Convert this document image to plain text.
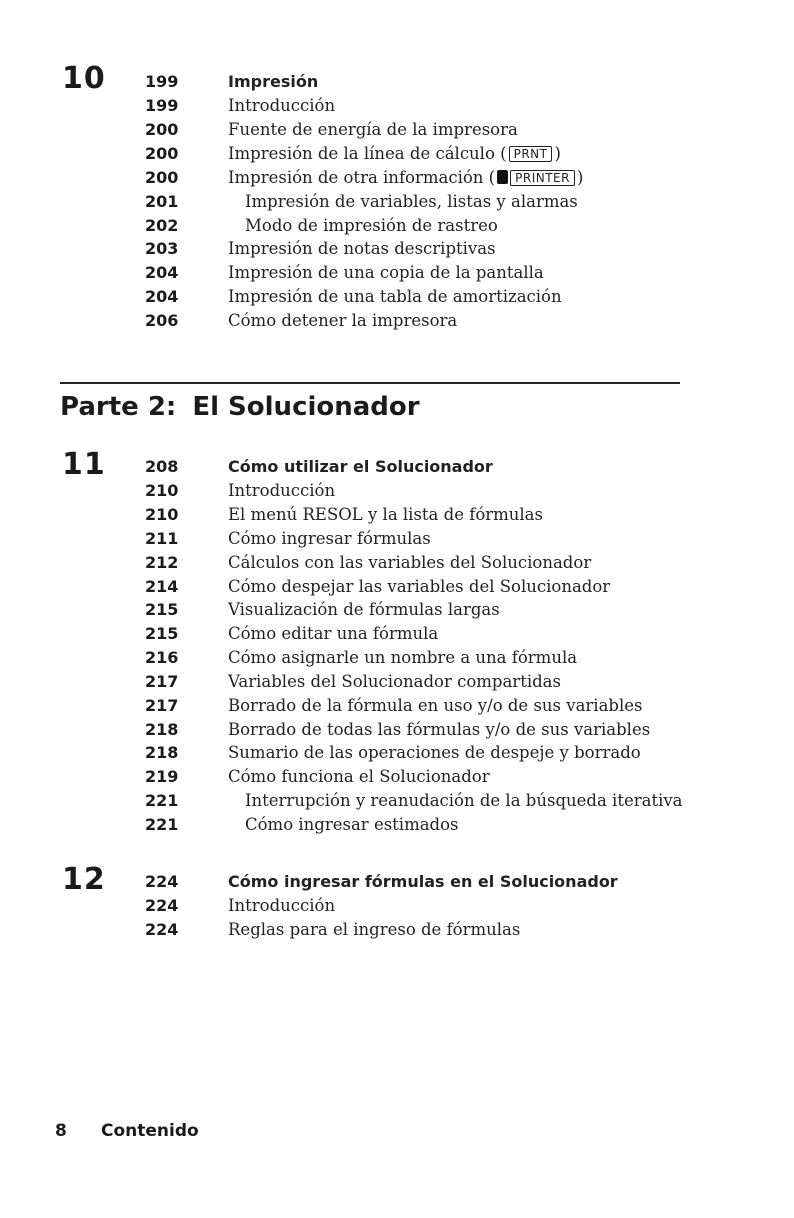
10 199	Impresión
199	Introducción
200	Fuente de energía de la impresora
200	Impresión de la línea de cálculo ( PRNT )
200	Impresión de otra información ( PRINTER )
201	Impresión de variables, listas y alarmas
202	Modo de impresión de rastreo
203	Impresión de notas descriptivas
204	Impresión de una copia de la pantalla
204	Impresión de una tabla de amortización
206	Cómo detener la impresora
Parte 2: El Solucionador
11 208	Cómo utilizar el Solucionador
210	Introducción
210	El menú RESOL y la lista de fórmulas
211	Cómo ingresar fórmulas
212	Cálculos con las variables del Solucionador
214	Cómo despejar las variables del Solucionador
215	Visualización de fórmulas largas
215	Cómo editar una fórmula
216	Cómo asignarle un nombre a una fórmula
217	Variables del Solucionador compartidas
217	Borrado de la fórmula en uso y/o de sus variables
218	Borrado de todas las fórmulas y/o de sus variables
218	Sumario de las operaciones de despeje y borrado
219	Cómo funciona el Solucionador
221	Interrupción y reanudación de la búsqueda iterativa
221	Cómo ingresar estimados
12 224	Cómo ingresar fórmulas en el Solucionador
224	Introducción
224	Reglas para el ingreso de fórmulas
8 Contenido
